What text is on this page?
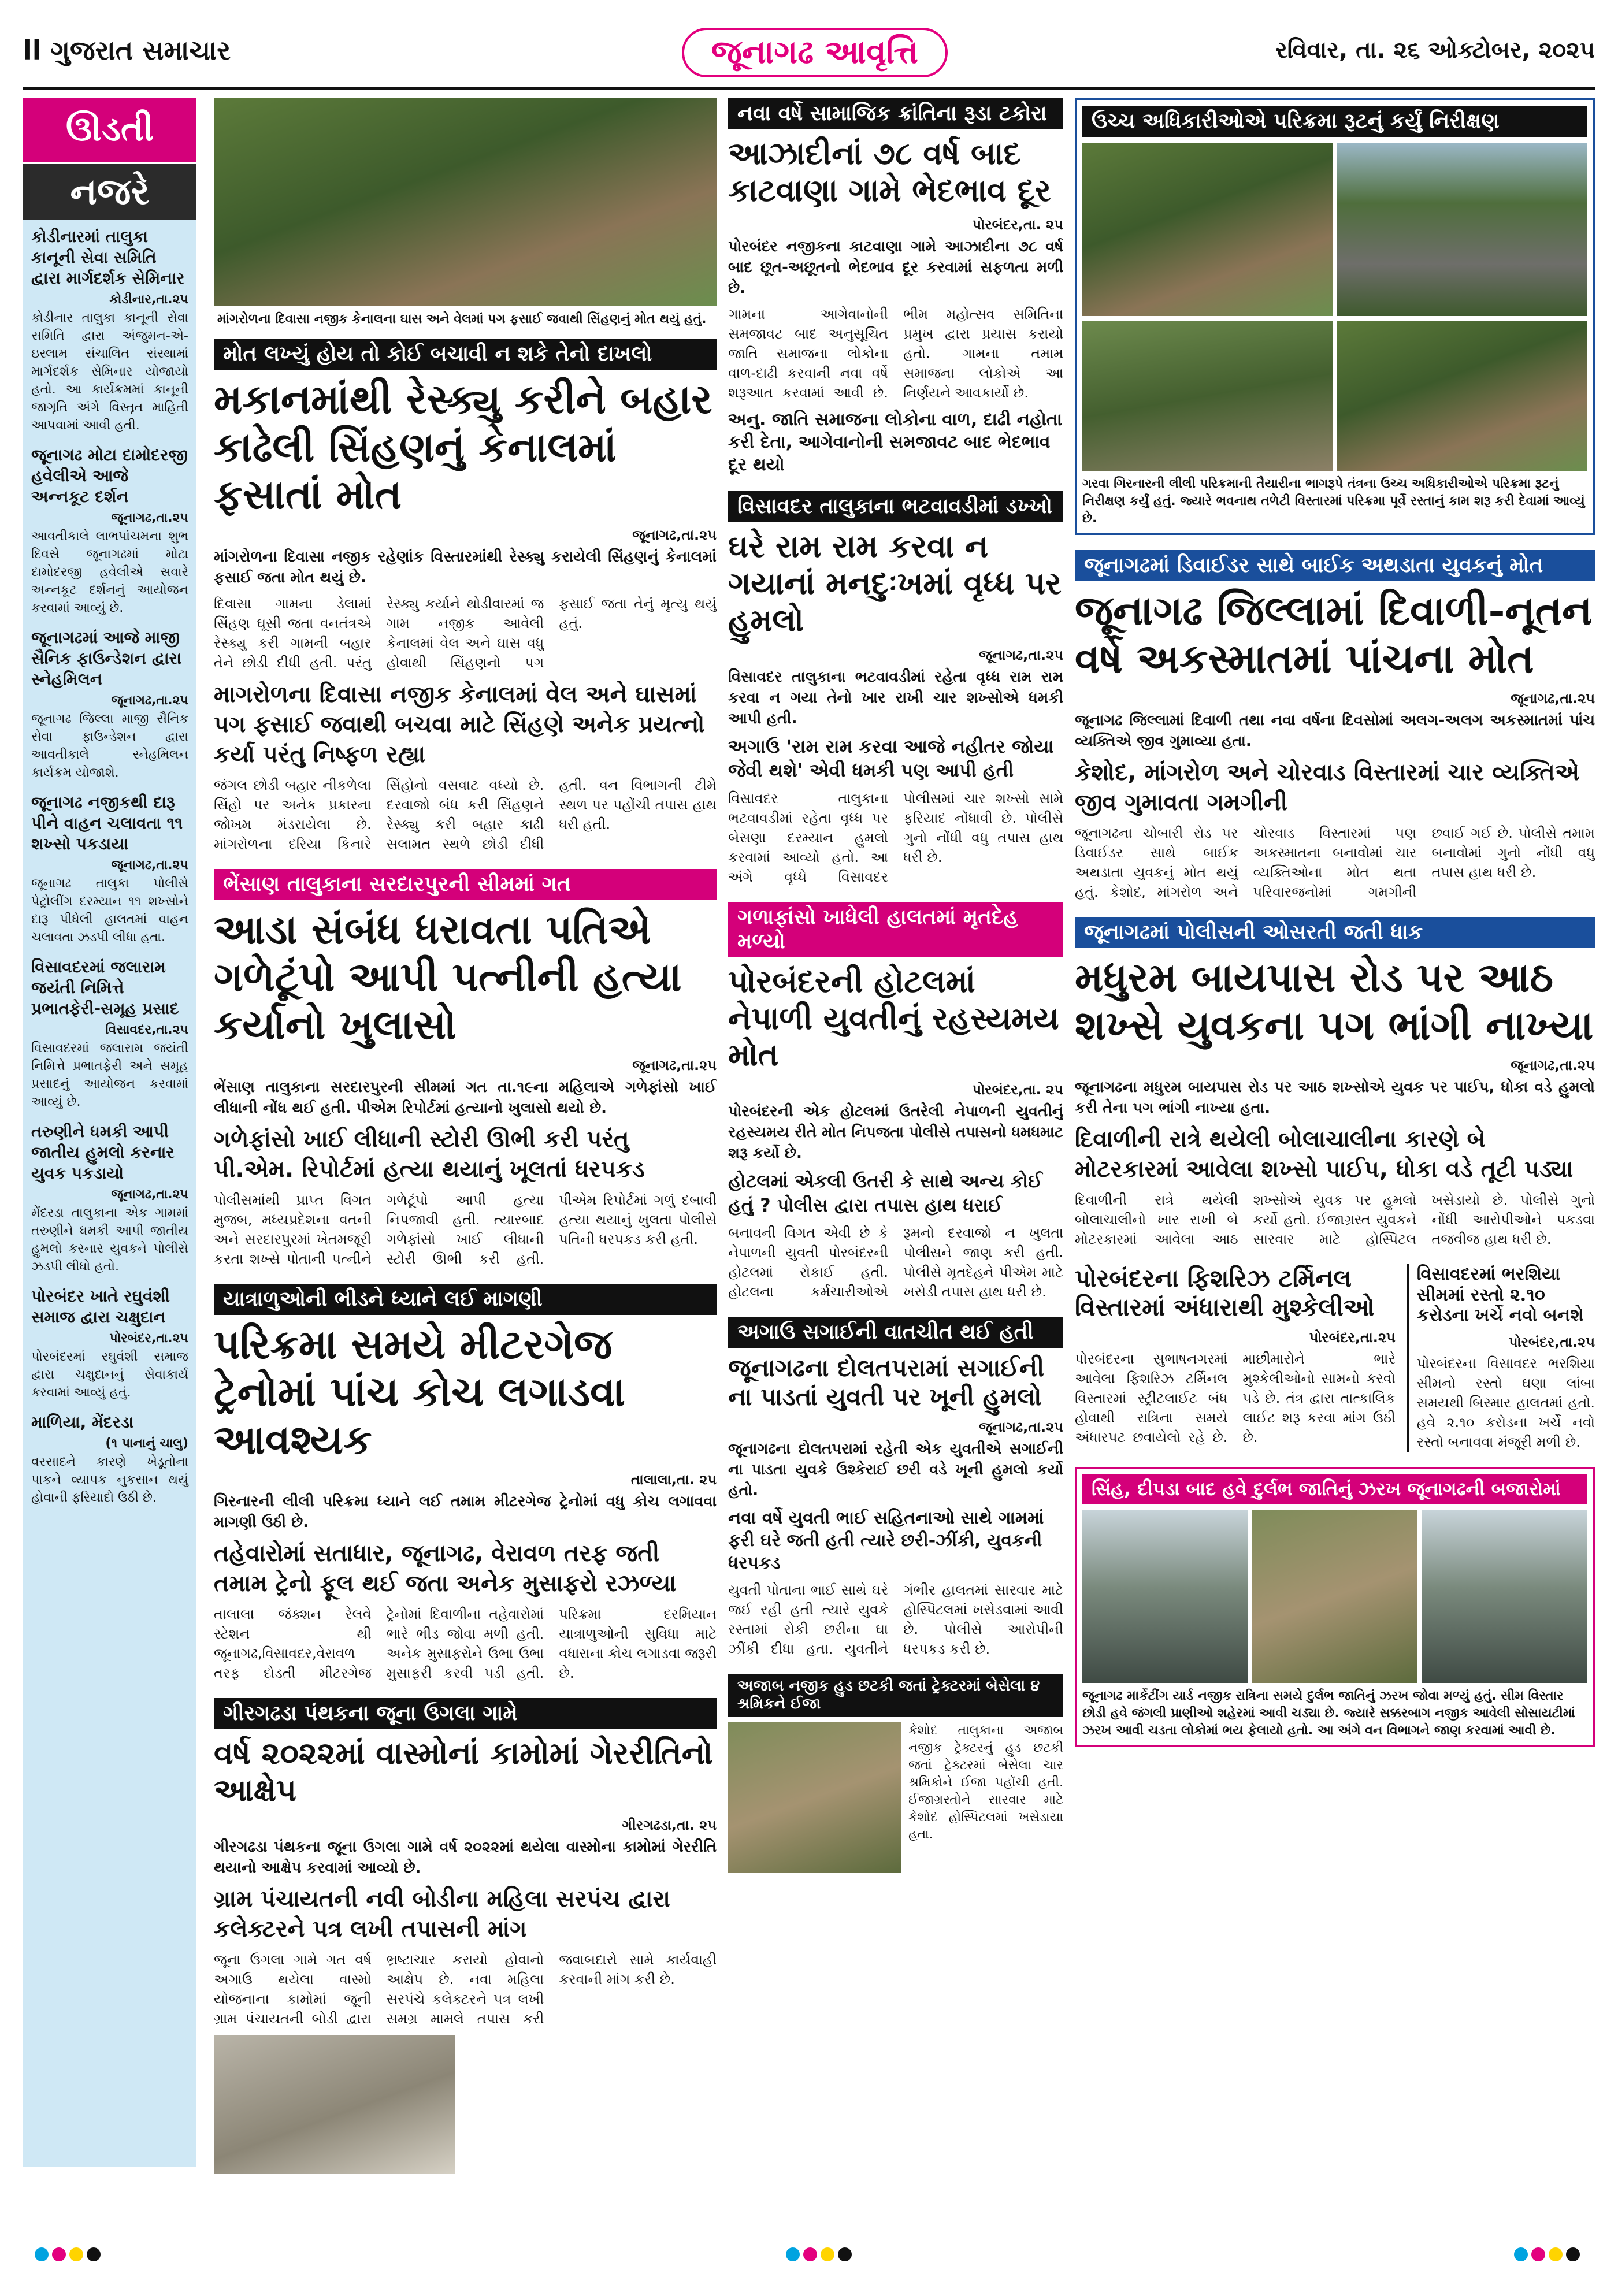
ll ગુજરાત સમાચાર	જૂનાગઢ આવૃત્તિ	રવિવાર, તા. ૨૬ ઓક્ટોબર, ૨૦૨૫
ઊડતી
નજરે
કોડીનારમાં તાલુકા કાનૂની સેવા સમિતિ દ્વારા માર્ગદર્શક સેમિનાર
કોડીનાર,તા.૨૫

કોડીનાર તાલુકા કાનૂની સેવા સમિતિ દ્વારા અંજુમન-એ-ઇસ્લામ સંચાલિત સંસ્થામાં માર્ગદર્શક સેમિનાર યોજાયો હતો. આ કાર્યક્રમમાં કાનૂની જાગૃતિ અંગે વિસ્તૃત માહિતી આપવામાં આવી હતી.

જૂનાગઢ મોટા દામોદરજી હવેલીએ આજે અન્નકૂટ દર્શન
જૂનાગઢ,તા.૨૫

આવતીકાલે લાભપાંચમના શુભ દિવસે જૂનાગઢમાં મોટા દામોદરજી હવેલીએ સવારે અન્નકૂટ દર્શનનું આયોજન કરવામાં આવ્યું છે.

જૂનાગઢમાં આજે માજી સૈનિક ફાઉન્ડેશન દ્વારા સ્નેહમિલન
જૂનાગઢ,તા.૨૫

જૂનાગઢ જિલ્લા માજી સૈનિક સેવા ફાઉન્ડેશન દ્વારા આવતીકાલે સ્નેહમિલન કાર્યક્રમ યોજાશે.

જૂનાગઢ નજીકથી દારૂ પીને વાહન ચલાવતા ૧૧ શખ્સો પકડાયા
જૂનાગઢ,તા.૨૫

જૂનાગઢ તાલુકા પોલીસે પેટ્રોલીંગ દરમ્યાન ૧૧ શખ્સોને દારૂ પીધેલી હાલતમાં વાહન ચલાવતા ઝડપી લીધા હતા.

વિસાવદરમાં જલારામ જયંતી નિમિત્તે પ્રભાતફેરી-સમૂહ પ્રસાદ
વિસાવદર,તા.૨૫

વિસાવદરમાં જલારામ જયંતી નિમિત્તે પ્રભાતફેરી અને સમૂહ પ્રસાદનું આયોજન કરવામાં આવ્યું છે.

તરુણીને ધમકી આપી જાતીય હુમલો કરનાર યુવક પકડાયો
જૂનાગઢ,તા.૨૫

મેંદરડા તાલુકાના એક ગામમાં તરુણીને ધમકી આપી જાતીય હુમલો કરનાર યુવકને પોલીસે ઝડપી લીધો હતો.

પોરબંદર ખાતે રઘુવંશી સમાજ દ્વારા ચક્ષુદાન
પોરબંદર,તા.૨૫

પોરબંદરમાં રઘુવંશી સમાજ દ્વારા ચક્ષુદાનનું સેવાકાર્ય કરવામાં આવ્યું હતું.

માળિયા, મેંદરડા
(૧ પાનાનું ચાલુ)

વરસાદને કારણે ખેડૂતોના પાકને વ્યાપક નુકસાન થયું હોવાની ફરિયાદો ઉઠી છે.

માંગરોળના દિવાસા નજીક કેનાલના ઘાસ અને વેલમાં પગ ફસાઈ જવાથી સિંહણનું મોત થયું હતું.
મોત લખ્યું હોય તો કોઈ બચાવી ન શકે તેનો દાખલો
મકાનમાંથી રેસ્ક્યુ કરીને બહાર કાઢેલી સિંહણનું કેનાલમાં ફસાતાં મોત
જૂનાગઢ,તા.૨૫
માંગરોળના દિવાસા નજીક રહેણાંક વિસ્તારમાંથી રેસ્ક્યુ કરાયેલી સિંહણનું કેનાલમાં ફસાઈ જતા મોત થયું છે.
દિવાસા ગામના ડેલામાં સિંહણ ઘૂસી જતા વનતંત્રએ રેસ્ક્યુ કરી ગામની બહાર તેને છોડી દીધી હતી. પરંતુ રેસ્ક્યુ કર્યાને થોડીવારમાં જ ગામ નજીક આવેલી કેનાલમાં વેલ અને ઘાસ વધુ હોવાથી સિંહણનો પગ ફસાઈ જતા તેનું મૃત્યુ થયું હતું.
માગરોળના દિવાસા નજીક કેનાલમાં વેલ અને ઘાસમાં પગ ફસાઈ જવાથી બચવા માટે સિંહણે અનેક પ્રયત્નો કર્યા પરંતુ નિષ્ફળ રહ્યા
જંગલ છોડી બહાર નીકળેલા સિંહો પર અનેક પ્રકારના જોખમ મંડરાયેલા છે. માંગરોળના દરિયા કિનારે સિંહોનો વસવાટ વધ્યો છે. દરવાજો બંધ કરી સિંહણને રેસ્ક્યુ કરી બહાર કાઢી સલામત સ્થળે છોડી દીધી હતી. વન વિભાગની ટીમે સ્થળ પર પહોંચી તપાસ હાથ ધરી હતી.
ભેંસાણ તાલુકાના સરદારપુરની સીમમાં ગત
આડા સંબંધ ધરાવતા પતિએ ગળેટૂંપો આપી પત્નીની હત્યા કર્યાનો ખુલાસો
જૂનાગઢ,તા.૨૫
ભેંસાણ તાલુકાના સરદારપુરની સીમમાં ગત તા.૧૯ના મહિલાએ ગળેફાંસો ખાઈ લીધાની નોંધ થઈ હતી. પીએમ રિપોર્ટમાં હત્યાનો ખુલાસો થયો છે.
ગળેફાંસો ખાઈ લીધાની સ્ટોરી ઊભી કરી પરંતુ પી.એમ. રિપોર્ટમાં હત્યા થયાનું ખૂલતાં ધરપકડ
પોલીસમાંથી પ્રાપ્ત વિગત મુજબ, મધ્યપ્રદેશના વતની અને સરદારપુરમાં ખેતમજૂરી કરતા શખ્સે પોતાની પત્નીને ગળેટૂંપો આપી હત્યા નિપજાવી હતી. ત્યારબાદ ગળેફાંસો ખાઈ લીધાની સ્ટોરી ઊભી કરી હતી. પીએમ રિપોર્ટમાં ગળું દબાવી હત્યા થયાનું ખુલતા પોલીસે પતિની ધરપકડ કરી હતી.
યાત્રાળુઓની ભીડને ધ્યાને લઈ માગણી
પરિક્રમા સમયે મીટરગેજ ટ્રેનોમાં પાંચ કોચ લગાડવા આવશ્યક
તાલાલા,તા. ૨૫
ગિરનારની લીલી પરિક્રમા ધ્યાને લઈ તમામ મીટરગેજ ટ્રેનોમાં વધુ કોચ લગાવવા માગણી ઉઠી છે.
તહેવારોમાં સતાધાર, જૂનાગઢ, વેરાવળ તરફ જતી તમામ ટ્રેનો ફૂલ થઈ જતા અનેક મુસાફરો રઝળ્યા
તાલાલા જંક્શન રેલવે સ્ટેશન થી જૂનાગઢ,વિસાવદર,વેરાવળ તરફ દોડતી મીટરગેજ ટ્રેનોમાં દિવાળીના તહેવારોમાં ભારે ભીડ જોવા મળી હતી. અનેક મુસાફરોને ઉભા ઉભા મુસાફરી કરવી પડી હતી. પરિક્રમા દરમિયાન યાત્રાળુઓની સુવિધા માટે વધારાના કોચ લગાડવા જરૂરી છે.
ગીરગઢડા પંથકના જૂના ઉગલા ગામે
વર્ષ ૨૦૨૨માં વાસ્મોનાં કામોમાં ગેરરીતિનો આક્ષેપ
ગીરગઢડા,તા. ૨૫
ગીરગઢડા પંથકના જૂના ઉગલા ગામે વર્ષ ૨૦૨૨માં થયેલા વાસ્મોના કામોમાં ગેરરીતિ થયાનો આક્ષેપ કરવામાં આવ્યો છે.
ગ્રામ પંચાયતની નવી બોડીના મહિલા સરપંચ દ્વારા કલેક્ટરને પત્ર લખી તપાસની માંગ
જૂના ઉગલા ગામે ગત વર્ષ અગાઉ થયેલા વાસ્મો યોજનાના કામોમાં જૂની ગ્રામ પંચાયતની બોડી દ્વારા ભ્રષ્ટાચાર કરાયો હોવાનો આક્ષેપ છે. નવા મહિલા સરપંચે કલેક્ટરને પત્ર લખી સમગ્ર મામલે તપાસ કરી જવાબદારો સામે કાર્યવાહી કરવાની માંગ કરી છે.
નવા વર્ષે સામાજિક ક્રાંતિના રૂડા ટકોરા
આઝાદીનાં ૭૮ વર્ષ બાદ કાટવાણા ગામે ભેદભાવ દૂર
પોરબંદર,તા. ૨૫
પોરબંદર નજીકના કાટવાણા ગામે આઝાદીના ૭૮ વર્ષ બાદ છૂત-અછૂતનો ભેદભાવ દૂર કરવામાં સફળતા મળી છે.
ગામના આગેવાનોની સમજાવટ બાદ અનુસૂચિત જાતિ સમાજના લોકોના વાળ-દાઢી કરવાની નવા વર્ષે શરૂઆત કરવામાં આવી છે. ભીમ મહોત્સવ સમિતિના પ્રમુખ દ્વારા પ્રયાસ કરાયો હતો. ગામના તમામ સમાજના લોકોએ આ નિર્ણયને આવકાર્યો છે.
અનુ. જાતિ સમાજના લોકોના વાળ, દાઢી નહોતા કરી દેતા, આગેવાનોની સમજાવટ બાદ ભેદભાવ દૂર થયો
વિસાવદર તાલુકાના ભટવાવડીમાં ડખ્ખો
ઘરે રામ રામ કરવા ન ગયાનાં મનદુઃખમાં વૃધ્ધ પર હુમલો
જૂનાગઢ,તા.૨૫
વિસાવદર તાલુકાના ભટવાવડીમાં રહેતા વૃધ્ધ રામ રામ કરવા ન ગયા તેનો ખાર રાખી ચાર શખ્સોએ ધમકી આપી હતી.
અગાઉ 'રામ રામ કરવા આજે નહીતર જોયા જેવી થશે' એવી ધમકી પણ આપી હતી
વિસાવદર તાલુકાના ભટવાવડીમાં રહેતા વૃધ્ધ પર બેસણા દરમ્યાન હુમલો કરવામાં આવ્યો હતો. આ અંગે વૃધ્ધે વિસાવદર પોલીસમાં ચાર શખ્સો સામે ફરિયાદ નોંધાવી છે. પોલીસે ગુનો નોંધી વધુ તપાસ હાથ ધરી છે.
ગળાફાંસો ખાધેલી હાલતમાં મૃતદેહ મળ્યો
પોરબંદરની હોટલમાં નેપાળી યુવતીનું રહસ્યમય મોત
પોરબંદર,તા. ૨૫
પોરબંદરની એક હોટલમાં ઉતરેલી નેપાળની યુવતીનું રહસ્યમય રીતે મોત નિપજતા પોલીસે તપાસનો ધમધમાટ શરૂ કર્યો છે.
હોટલમાં એકલી ઉતરી કે સાથે અન્ય કોઈ હતું ? પોલીસ દ્વારા તપાસ હાથ ધરાઈ
બનાવની વિગત એવી છે કે નેપાળની યુવતી પોરબંદરની હોટલમાં રોકાઈ હતી. હોટલના કર્મચારીઓએ રૂમનો દરવાજો ન ખુલતા પોલીસને જાણ કરી હતી. પોલીસે મૃતદેહને પીએમ માટે ખસેડી તપાસ હાથ ધરી છે.
અગાઉ સગાઈની વાતચીત થઈ હતી
જૂનાગઢના દોલતપરામાં સગાઈની ના પાડતાં યુવતી પર ખૂની હુમલો
જૂનાગઢ,તા.૨૫
જૂનાગઢના દોલતપરામાં રહેતી એક યુવતીએ સગાઈની ના પાડતા યુવકે ઉશ્કેરાઈ છરી વડે ખૂની હુમલો કર્યો હતો.
નવા વર્ષે યુવતી ભાઈ સહિતનાઓ સાથે ગામમાં ફરી ઘરે જતી હતી ત્યારે છરી-ઝીંકી, યુવકની ધરપકડ
યુવતી પોતાના ભાઈ સાથે ઘરે જઈ રહી હતી ત્યારે યુવકે રસ્તામાં રોકી છરીના ઘા ઝીંકી દીધા હતા. યુવતીને ગંભીર હાલતમાં સારવાર માટે હોસ્પિટલમાં ખસેડવામાં આવી છે. પોલીસે આરોપીની ધરપકડ કરી છે.
અજાબ નજીક હુડ છટકી જતાં ટ્રેક્ટરમાં બેસેલા ૪ શ્રમિકને ઈજા
કેશોદ તાલુકાના અજાબ નજીક ટ્રેક્ટરનું હુડ છટકી જતાં ટ્રેક્ટરમાં બેસેલા ચાર શ્રમિકોને ઈજા પહોંચી હતી. ઈજાગ્રસ્તોને સારવાર માટે કેશોદ હોસ્પિટલમાં ખસેડાયા હતા.
ઉચ્ચ અધિકારીઓએ પરિક્રમા રૂટનું કર્યું નિરીક્ષણ
ગરવા ગિરનારની લીલી પરિક્રમાની તૈયારીના ભાગરૂપે તંત્રના ઉચ્ચ અધિકારીઓએ પરિક્રમા રૂટનું નિરીક્ષણ કર્યું હતું. જ્યારે ભવનાથ તળેટી વિસ્તારમાં પરિક્રમા પૂર્વે રસ્તાનું કામ શરૂ કરી દેવામાં આવ્યું છે.
જૂનાગઢમાં ડિવાઈડર સાથે બાઈક અથડાતા યુવકનું મોત
જૂનાગઢ જિલ્લામાં દિવાળી-નૂતન વર્ષે અકસ્માતમાં પાંચના મોત
જૂનાગઢ,તા.૨૫
જૂનાગઢ જિલ્લામાં દિવાળી તથા નવા વર્ષના દિવસોમાં અલગ-અલગ અકસ્માતમાં પાંચ વ્યક્તિએ જીવ ગુમાવ્યા હતા.
કેશોદ, માંગરોળ અને ચોરવાડ વિસ્તારમાં ચાર વ્યક્તિએ જીવ ગુમાવતા ગમગીની
જૂનાગઢના ચોબારી રોડ પર ડિવાઈડર સાથે બાઈક અથડાતા યુવકનું મોત થયું હતું. કેશોદ, માંગરોળ અને ચોરવાડ વિસ્તારમાં પણ અકસ્માતના બનાવોમાં ચાર વ્યક્તિઓના મોત થતા પરિવારજનોમાં ગમગીની છવાઈ ગઈ છે. પોલીસે તમામ બનાવોમાં ગુનો નોંધી વધુ તપાસ હાથ ધરી છે.
જૂનાગઢમાં પોલીસની ઓસરતી જતી ધાક
મધુરમ બાયપાસ રોડ પર આઠ શખ્સે યુવકના પગ ભાંગી નાખ્યા
જૂનાગઢ,તા.૨૫
જૂનાગઢના મધુરમ બાયપાસ રોડ પર આઠ શખ્સોએ યુવક પર પાઈપ, ધોકા વડે હુમલો કરી તેના પગ ભાંગી નાખ્યા હતા.
દિવાળીની રાત્રે થયેલી બોલાચાલીના કારણે બે મોટરકારમાં આવેલા શખ્સો પાઈપ, ધોકા વડે તૂટી પડ્યા
દિવાળીની રાત્રે થયેલી બોલાચાલીનો ખાર રાખી બે મોટરકારમાં આવેલા આઠ શખ્સોએ યુવક પર હુમલો કર્યો હતો. ઈજાગ્રસ્ત યુવકને સારવાર માટે હોસ્પિટલ ખસેડાયો છે. પોલીસે ગુનો નોંધી આરોપીઓને પકડવા તજવીજ હાથ ધરી છે.
પોરબંદરના ફિશરિઝ ટર્મિનલ વિસ્તારમાં અંધારાથી મુશ્કેલીઓ
પોરબંદર,તા.૨૫
પોરબંદરના સુભાષનગરમાં આવેલા ફિશરિઝ ટર્મિનલ વિસ્તારમાં સ્ટ્રીટલાઈટ બંધ હોવાથી રાત્રિના સમયે અંધારપટ છવાયેલો રહે છે. માછીમારોને ભારે મુશ્કેલીઓનો સામનો કરવો પડે છે. તંત્ર દ્વારા તાત્કાલિક લાઈટ શરૂ કરવા માંગ ઉઠી છે.
વિસાવદરમાં ભરશિયા સીમમાં રસ્તો ૨.૧૦ કરોડના ખર્ચે નવો બનશે
પોરબંદર,તા.૨૫
પોરબંદરના વિસાવદર ભરશિયા સીમનો રસ્તો ઘણા લાંબા સમયથી બિસ્માર હાલતમાં હતો. હવે ૨.૧૦ કરોડના ખર્ચે નવો રસ્તો બનાવવા મંજૂરી મળી છે.
સિંહ, દીપડા બાદ હવે દુર્લભ જાતિનું ઝરખ જૂનાગઢની બજારોમાં
જૂનાગઢ માર્કેટીંગ યાર્ડ નજીક રાત્રિના સમયે દુર્લભ જાતિનું ઝરખ જોવા મળ્યું હતું. સીમ વિસ્તાર છોડી હવે જંગલી પ્રાણીઓ શહેરમાં આવી ચડ્યા છે. જ્યારે સક્કરબાગ નજીક આવેલી સોસાયટીમાં ઝરખ આવી ચડતા લોકોમાં ભય ફેલાયો હતો. આ અંગે વન વિભાગને જાણ કરવામાં આવી છે.
